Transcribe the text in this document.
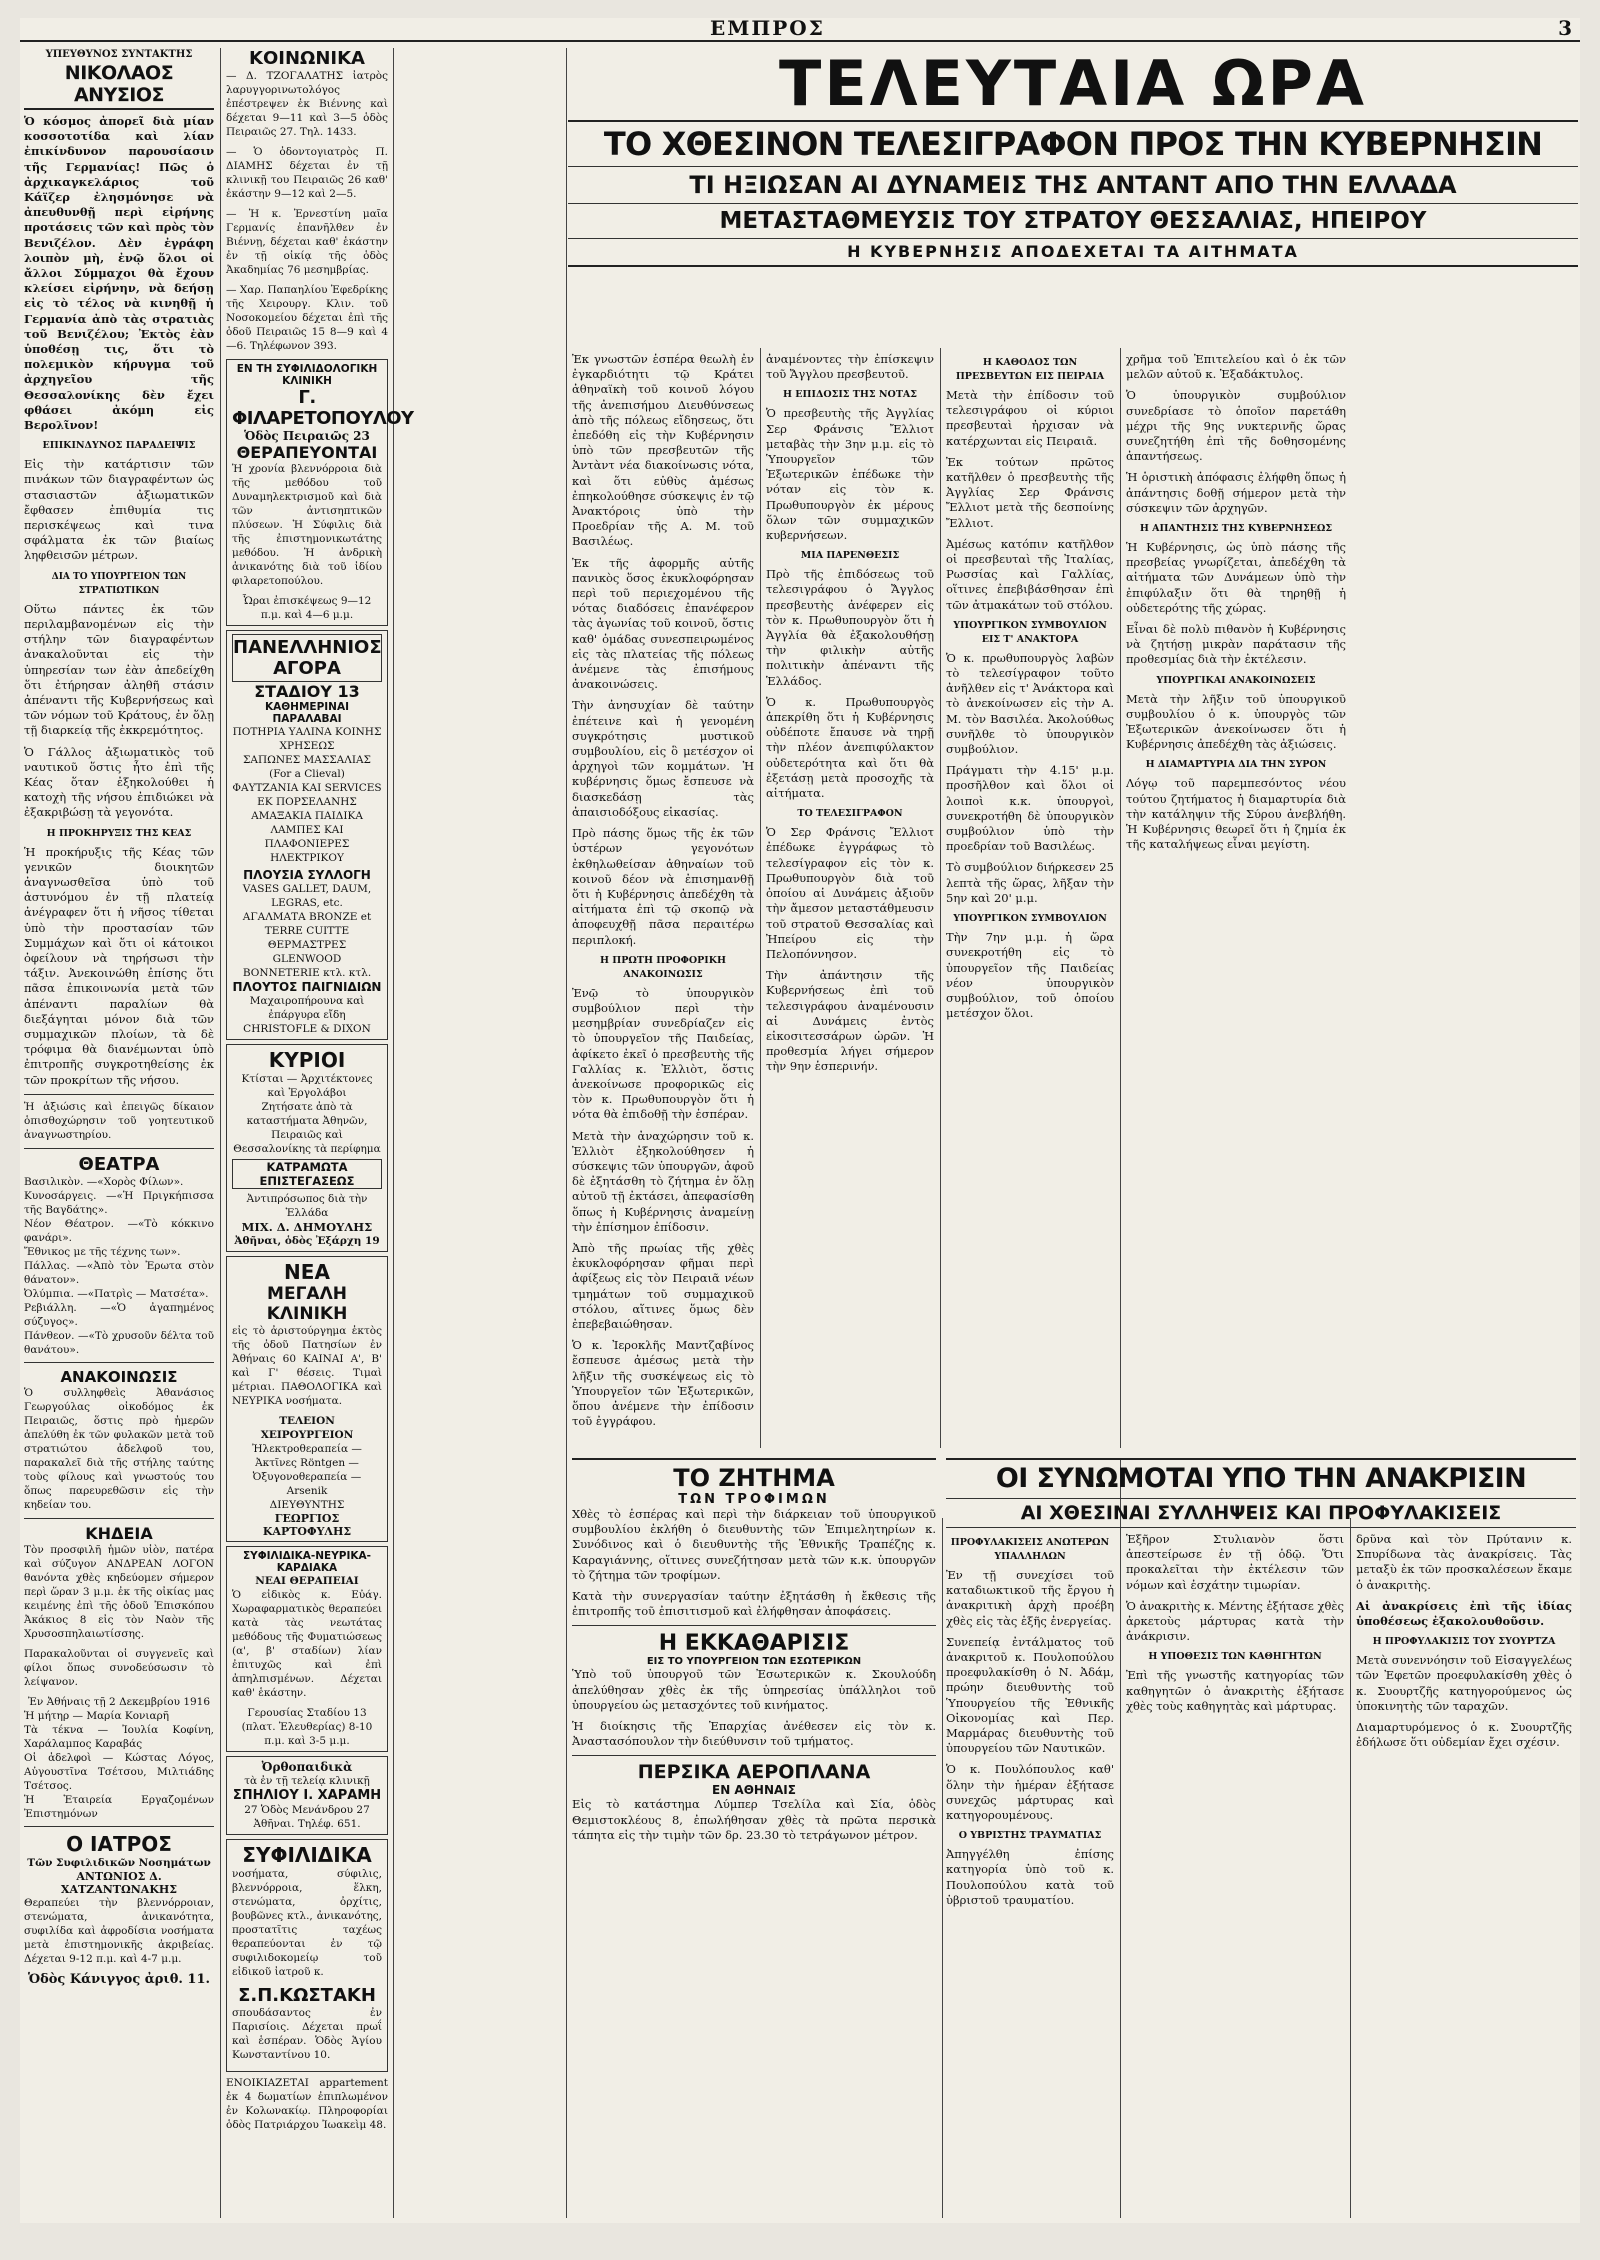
ΕΜΠΡΟΣ	3
ΥΠΕΥΘΥΝΟΣ ΣΥΝΤΑΚΤΗΣ
ΝΙΚΟΛΑΟΣ ΑΝΥΣΙΟΣ

Ὁ κόσμος ἀπορεῖ διὰ μίαν κοσσοτοτίδα καὶ λίαν ἐπικίνδυνον παρουσίασιν τῆς Γερμανίας! Πῶς ὁ ἀρχικαγκελάριος τοῦ Κάϊζερ ἐλησμόνησε νὰ ἀπευθυνθῇ περὶ εἰρήνης προτάσεις τῶν καὶ πρὸς τὸν Βενιζέλον. Δὲν ἐγράφη λοιπὸν μὴ, ἐνῷ ὅλοι οἱ ἄλλοι Σύμμαχοι θὰ ἔχουν κλείσει εἰρήνην, νὰ δεήσῃ εἰς τὸ τέλος νὰ κινηθῇ ἡ Γερμανία ἀπὸ τὰς στρατιὰς τοῦ Βενιζέλου; Ἐκτὸς ἐὰν ὑποθέσῃ τις, ὅτι τὸ πολεμικὸν κήρυγμα τοῦ ἀρχηγεῖου τῆς Θεσσαλονίκης δὲν ἔχει φθάσει ἀκόμη εἰς Βερολῖνον!

ΕΠΙΚΙΝΔΥΝΟΣ ΠΑΡΑΔΕΙΨΙΣ

Εἰς τὴν κατάρτισιν τῶν πινάκων τῶν διαγραφέντων ὡς στασιαστῶν ἀξιωματικῶν ἔφθασεν ἐπιθυμία τις περισκέψεως καὶ τινα σφάλματα ἐκ τῶν βιαίως ληφθεισῶν μέτρων.

ΔΙΑ ΤΟ ΥΠΟΥΡΓΕΙΟΝ ΤΩΝ ΣΤΡΑΤΙΩΤΙΚΩΝ

Οὕτω πάντες ἐκ τῶν περιλαμβανομένων εἰς τὴν στήλην τῶν διαγραφέντων ἀνακαλοῦνται εἰς τὴν ὑπηρεσίαν των ἐὰν ἀπεδείχθη ὅτι ἐτήρησαν ἀληθῆ στάσιν ἀπέναντι τῆς Κυβερνήσεως καὶ τῶν νόμων τοῦ Κράτους, ἐν ὅλῃ τῇ διαρκείᾳ τῆς ἐκκρεμότητος.

Ὁ Γάλλος ἀξιωματικὸς τοῦ ναυτικοῦ ὅστις ἦτο ἐπὶ τῆς Κέας ὅταν ἐξηκολούθει ἡ κατοχὴ τῆς νήσου ἐπιδιώκει νὰ ἐξακριβώσῃ τὰ γεγονότα.

Η ΠΡΟΚΗΡΥΞΙΣ ΤΗΣ ΚΕΑΣ

Ἡ προκήρυξις τῆς Κέας τῶν γενικῶν διοικητῶν ἀναγνωσθεῖσα ὑπὸ τοῦ ἀστυνόμου ἐν τῇ πλατείᾳ ἀνέγραφεν ὅτι ἡ νῆσος τίθεται ὑπὸ τὴν προστασίαν τῶν Συμμάχων καὶ ὅτι οἱ κάτοικοι ὀφείλουν νὰ τηρήσωσι τὴν τάξιν. Ἀνεκοινώθη ἐπίσης ὅτι πᾶσα ἐπικοινωνία μετὰ τῶν ἀπέναντι παραλίων θὰ διεξάγηται μόνον διὰ τῶν συμμαχικῶν πλοίων, τὰ δὲ τρόφιμα θὰ διανέμωνται ὑπὸ ἐπιτροπῆς συγκροτηθείσης ἐκ τῶν προκρίτων τῆς νήσου.

Ἡ ἀξιώσις καὶ ἐπειγῶς δίκαιον ὁπισθοχώρησιν τοῦ γοητευτικοῦ ἀναγνωστηρίου.

ΘΕΑΤΡΑ
Βασιλικὸν. —«Χορὸς Φίλων».
Κυνοσάργεις. —«Ἡ Πριγκήπισσα τῆς Βαγδάτης».
Νέον Θέατρον. —«Τὸ κόκκινο φανάρι».
Ἔθνικος με τῆς τέχνης των».
Πάλλας. —«Ἀπὸ τὸν Ἐρωτα στὸν θάνατον».
Ὀλύμπια. —«Πατρὶς — Ματσέτα».
Ρεβιάλλη. —«Ὁ ἀγαπημένος σύζυγος».
Πάνθεον. —«Τὸ χρυσοῦν δέλτα τοῦ θανάτου».
ΑΝΑΚΟΙΝΩΣΙΣ

Ὁ συλληφθεὶς Ἀθανάσιος Γεωργούλας οἰκοδόμος ἐκ Πειραιῶς, ὅστις πρὸ ἡμερῶν ἀπελύθη ἐκ τῶν φυλακῶν μετὰ τοῦ στρατιώτου ἀδελφοῦ του, παρακαλεῖ διὰ τῆς στήλης ταύτης τοὺς φίλους καὶ γνωστούς του ὅπως παρευρεθῶσιν εἰς τὴν κηδείαν του.

ΚΗΔΕΙΑ

Τὸν προσφιλῆ ἡμῶν υἱὸν, πατέρα καὶ σύζυγον ΑΝΔΡΕΑΝ ΛΟΓΟΝ θανόντα χθὲς κηδεύομεν σήμερον περὶ ὥραν 3 μ.μ. ἐκ τῆς οἰκίας μας κειμένης ἐπὶ τῆς ὁδοῦ Ἐπισκόπου Ἀκάκιος 8 εἰς τὸν Ναὸν τῆς Χρυσοσπηλαιωτίσσης.

Παρακαλοῦνται οἱ συγγενεῖς καὶ φίλοι ὅπως συνοδεύσωσιν τὸ λείψανον.

Ἐν Ἀθήναις τῇ 2 Δεκεμβρίου 1916
Ἡ μήτηρ — Μαρία Κονιαρῆ
Τὰ τέκνα — Ἰουλία Κοφίνη, Χαράλαμπος Καραβάς
Οἱ ἀδελφοὶ — Κώστας Λόγος, Αὐγουστῖνα Τσέτσου, Μιλτιάδης Τσέτσος.
Ἡ Ἑταιρεία Εργαζομένων Ἐπιστημόνων
Ο ΙΑΤΡΟΣ
Τῶν Συφιλιδικῶν Νοσημάτων
ΑΝΤΩΝΙΟΣ Δ. ΧΑΤΖΑΝΤΩΝΑΚΗΣ

Θεραπεύει τὴν βλεννόρροιαν, στενώματα, ἀνικανότητα, συφιλίδα καὶ ἀφροδίσια νοσήματα μετὰ ἐπιστημονικῆς ἀκριβείας. Δέχεται 9-12 π.μ. καὶ 4-7 μ.μ.

Ὁδὸς Κάνιγγος ἀριθ. 11.
ΚΟΙΝΩΝΙΚΑ

— Δ. ΤΖΟΓΑΛΑΤΗΣ ἰατρὸς λαρυγγορινωτολόγος ἐπέστρεψεν ἐκ Βιέννης καὶ δέχεται 9—11 καὶ 3—5 ὁδὸς Πειραιῶς 27. Τηλ. 1433.

— Ὁ ὀδοντογιατρὸς Π. ΔΙΑΜΗΣ δέχεται ἐν τῇ κλινικῇ του Πειραιῶς 26 καθ' ἑκάστην 9—12 καὶ 2—5.

— Ἡ κ. Ἐρνεστίνη μαῖα Γερμανίς ἐπανῆλθεν ἐν Βιέννῃ, δέχεται καθ' ἑκάστην ἐν τῇ οἰκίᾳ τῆς ὁδὸς Ἀκαδημίας 76 μεσημβρίας.

— Χαρ. Παπαηλίου Ἐφεδρίκης τῆς Χειρουργ. Κλιν. τοῦ Νοσοκομείου δέχεται ἐπὶ τῆς ὁδοῦ Πειραιῶς 15 8—9 καὶ 4—6. Τηλέφωνον 393.

ΕΝ ΤΗ ΣΥΦΙΛΙΔΟΛΟΓΙΚΗ ΚΛΙΝΙΚΗ
Γ. ΦΙΛΑΡΕΤΟΠΟΥΛΟΥ
Ὁδὸς Πειραιῶς 23
ΘΕΡΑΠΕΥΟΝΤΑΙ

Ἡ χρονία βλεννόρροια διὰ τῆς μεθόδου τοῦ Δυναμηλεκτρισμοῦ καὶ διὰ τῶν ἀντισηπτικῶν πλύσεων. Ἡ Σύφιλις διὰ τῆς ἐπιστημονικωτάτης μεθόδου. Ἡ ἀνδρικὴ ἀνικανότης διὰ τοῦ ἰδίου φιλαρετοπούλου.

Ὧραι ἐπισκέψεως 9—12 π.μ. καὶ 4—6 μ.μ.
ΠΑΝΕΛΛΗΝΙΟΣ ΑΓΟΡΑ
ΣΤΑΔΙΟΥ 13
ΚΑΘΗΜΕΡΙΝΑΙ ΠΑΡΑΛΑΒΑΙ
ΠΟΤΗΡΙΑ ΥΑΛΙΝΑ ΚΟΙΝΗΣ ΧΡΗΣΕΩΣ
ΣΑΠΩΝΕΣ ΜΑΣΣΑΛΙΑΣ (For a Clieval)
ΦΑΥΤΖΑΝΙΑ ΚΑΙ SERVICES ΕΚ ΠΟΡΣΕΛΑΝΗΣ
ΑΜΑΞΑΚΙΑ ΠΑΙΔΙΚΑ
ΛΑΜΠΕΣ ΚΑΙ ΠΛΑΦΟΝΙΕΡΕΣ ΗΛΕΚΤΡΙΚΟΥ
ΠΛΟΥΣΙΑ ΣΥΛΛΟΓΗ
VASES GALLET, DAUM, LEGRAS, etc.
ΑΓΑΛΜΑΤΑ BRONZE et TERRE CUITTE
ΘΕΡΜΑΣΤΡΕΣ GLENWOOD
BONNETERIE κτλ. κτλ.
ΠΛΟΥΤΟΣ ΠΑΙΓΝΙΔΙΩΝ
Μαχαιροπήρουνα καὶ ἐπάργυρα εἴδη CHRISTOFLE & DIXON
ΚΥΡΙΟΙ
Κτίσται — Ἀρχιτέκτονες καὶ Ἐργολάβοι
Ζητήσατε ἀπὸ τὰ καταστήματα Ἀθηνῶν, Πειραιῶς καὶ Θεσσαλονίκης τὰ περίφημα
ΚΑΤΡΑΜΩΤΑ ΕΠΙΣΤΕΓΑΣΕΩΣ
Ἀντιπρόσωπος διὰ τὴν Ἑλλάδα
ΜΙΧ. Δ. ΔΗΜΟΥΛΗΣ
Ἀθῆναι, ὁδὸς Ἐξάρχη 19
ΝΕΑ
ΜΕΓΑΛΗ ΚΛΙΝΙΚΗ

εἰς τὸ ἀριστούργημα ἑκτὸς τῆς ὁδοῦ Πατησίων ἐν Ἀθήναις 60 ΚΑΙΝΑΙ Α', Β' καὶ Γ' θέσεις. Τιμαὶ μέτριαι. ΠΑΘΟΛΟΓΙΚΑ καὶ ΝΕΥΡΙΚΑ νοσήματα.

ΤΕΛΕΙΟΝ ΧΕΙΡΟΥΡΓΕΙΟΝ
Ἠλεκτροθεραπεία — Ἀκτῖνες Röntgen — Ὀξυγονοθεραπεία — Arsenik
ΔΙΕΥΘΥΝΤΗΣ
ΓΕΩΡΓΙΟΣ ΚΑΡΤΟΦΥΛΗΣ
ΣΥΦΙΛΙΔΙΚΑ-ΝΕΥΡΙΚΑ-ΚΑΡΔΙΑΚΑ
ΝΕΑΙ ΘΕΡΑΠΕΙΑΙ

Ὁ εἰδικὸς κ. Εὐάγ. Χωραφαρματικὸς θεραπεύει κατὰ τὰς νεωτάτας μεθόδους τῆς Φυματιώσεως (α', β' σταδίων) λίαν ἐπιτυχῶς καὶ ἐπὶ ἀπηλπισμένων. Δέχεται καθ' ἑκάστην.

Γερουσίας Σταδίου 13 (πλατ. Ἐλευθερίας) 8-10 π.μ. καὶ 3-5 μ.μ.
Ὀρθοπαιδικὰ
τὰ ἐν τῇ τελείᾳ κλινικῇ
ΣΠΗΛΙΟΥ Ι. ΧΑΡΑΜΗ
27 Ὁδὸς Μενάνδρου 27 Ἀθῆναι. Τηλέφ. 651.
ΣΥΦΙΛΙΔΙΚΑ

νοσήματα, σύφιλις, βλεννόρροια, ἕλκη, στενώματα, ὀρχίτις, βουβῶνες κτλ., ἀνικανότης, προστατῖτις ταχέως θεραπεύονται ἐν τῷ συφιλιδοκομείῳ τοῦ εἰδικοῦ ἰατροῦ κ.

Σ.Π.ΚΩΣΤΑΚΗ

σπουδάσαντος ἐν Παρισίοις. Δέχεται πρωΐ καὶ ἑσπέραν. Ὁδὸς Ἁγίου Κωνσταντίνου 10.

ΕΝΟΙΚΙΑΖΕΤΑΙ appartement ἐκ 4 δωματίων ἐπιπλωμένον ἐν Κολωνακίῳ. Πληροφορίαι ὁδὸς Πατριάρχου Ἰωακεὶμ 48.

ΤΕΛΕΥΤΑΙΑ ΩΡΑ
ΤΟ ΧΘΕΣΙΝΟΝ ΤΕΛΕΣΙΓΡΑΦΟΝ ΠΡΟΣ ΤΗΝ ΚΥΒΕΡΝΗΣΙΝ
ΤΙ ΗΞΙΩΣΑΝ ΑΙ ΔΥΝΑΜΕΙΣ ΤΗΣ ΑΝΤΑΝΤ ΑΠΟ ΤΗΝ ΕΛΛΑΔΑ
ΜΕΤΑΣΤΑΘΜΕΥΣΙΣ ΤΟΥ ΣΤΡΑΤΟΥ ΘΕΣΣΑΛΙΑΣ, ΗΠΕΙΡΟΥ
Η ΚΥΒΕΡΝΗΣΙΣ ΑΠΟΔΕΧΕΤΑΙ ΤΑ ΑΙΤΗΜΑΤΑ

Ἐκ γνωστῶν ἑσπέρα θεωλὴ ἐν ἐγκαρδιότητι τῷ Κράτει ἀθηναϊκὴ τοῦ κοινοῦ λόγου τῆς ἀνεπισήμου Διευθύνσεως ἀπὸ τῆς πόλεως εἴδησεως, ὅτι ἐπεδόθη εἰς τὴν Κυβέρνησιν ὑπὸ τῶν πρεσβευτῶν τῆς Ἀντὰντ νέα διακοίνωσις νότα, καὶ ὅτι εὐθὺς ἀμέσως ἐπηκολούθησε σύσκεψις ἐν τῷ Ἀνακτόροις ὑπὸ τὴν Προεδρίαν τῆς Α. Μ. τοῦ Βασιλέως.

Ἐκ τῆς ἀφορμῆς αὐτῆς πανικὸς ὅσος ἐκυκλοφόρησαν περὶ τοῦ περιεχομένου τῆς νότας διαδόσεις ἐπανέφερον τὰς ἀγωνίας τοῦ κοινοῦ, ὅστις καθ' ὁμάδας συνεσπειρωμένος εἰς τὰς πλατείας τῆς πόλεως ἀνέμενε τὰς ἐπισήμους ἀνακοινώσεις.

Τὴν ἀνησυχίαν δὲ ταύτην ἐπέτεινε καὶ ἡ γενομένη συγκρότησις μυστικοῦ συμβουλίου, εἰς ὃ μετέσχον οἱ ἀρχηγοὶ τῶν κομμάτων. Ἡ κυβέρνησις ὅμως ἔσπευσε νὰ διασκεδάσῃ τὰς ἀπαισιοδόξους εἰκασίας.

Πρὸ πάσης ὅμως τῆς ἐκ τῶν ὑστέρων γεγονότων ἐκθηλωθείσαν ἀθηναίων τοῦ κοινοῦ δέον νὰ ἐπισημανθῇ ὅτι ἡ Κυβέρνησις ἀπεδέχθη τὰ αἰτήματα ἐπὶ τῷ σκοπῷ νὰ ἀποφευχθῇ πᾶσα περαιτέρω περιπλοκή.

Η ΠΡΩΤΗ ΠΡΟΦΟΡΙΚΗ ΑΝΑΚΟΙΝΩΣΙΣ

Ἐνῷ τὸ ὑπουργικὸν συμβούλιον περὶ τὴν μεσημβρίαν συνεδρίαζεν εἰς τὸ ὑπουργεῖον τῆς Παιδείας, ἀφίκετο ἐκεῖ ὁ πρεσβευτὴς τῆς Γαλλίας κ. Ἐλλιὸτ, ὅστις ἀνεκοίνωσε προφορικῶς εἰς τὸν κ. Πρωθυπουργὸν ὅτι ἡ νότα θὰ ἐπιδοθῇ τὴν ἑσπέραν.

Μετὰ τὴν ἀναχώρησιν τοῦ κ. Ἐλλιὸτ ἐξηκολούθησεν ἡ σύσκεψις τῶν ὑπουργῶν, ἀφοῦ δὲ ἐξητάσθη τὸ ζήτημα ἐν ὅλῃ αὐτοῦ τῇ ἐκτάσει, ἀπεφασίσθη ὅπως ἡ Κυβέρνησις ἀναμείνῃ τὴν ἐπίσημον ἐπίδοσιν.

Ἀπὸ τῆς πρωίας τῆς χθὲς ἐκυκλοφόρησαν φῆμαι περὶ ἀφίξεως εἰς τὸν Πειραιᾶ νέων τμημάτων τοῦ συμμαχικοῦ στόλου, αἵτινες ὅμως δὲν ἐπεβεβαιώθησαν.

Ὁ κ. Ἰεροκλῆς Μαντζαβίνος ἔσπευσε ἀμέσως μετὰ τὴν λῆξιν τῆς συσκέψεως εἰς τὸ Ὑπουργεῖον τῶν Ἐξωτερικῶν, ὅπου ἀνέμενε τὴν ἐπίδοσιν τοῦ ἐγγράφου.

ἀναμένοντες τὴν ἐπίσκεψιν τοῦ Ἄγγλου πρεσβευτοῦ.

Η ΕΠΙΔΟΣΙΣ ΤΗΣ ΝΟΤΑΣ

Ὁ πρεσβευτὴς τῆς Ἀγγλίας Σερ Φράνσις Ἔλλιοτ μεταβὰς τὴν 3ην μ.μ. εἰς τὸ Ὑπουργεῖον τῶν Ἐξωτερικῶν ἐπέδωκε τὴν νόταν εἰς τὸν κ. Πρωθυπουργὸν ἐκ μέρους ὅλων τῶν συμμαχικῶν κυβερνήσεων.

ΜΙΑ ΠΑΡΕΝΘΕΣΙΣ

Πρὸ τῆς ἐπιδόσεως τοῦ τελεσιγράφου ὁ Ἄγγλος πρεσβευτὴς ἀνέφερεν εἰς τὸν κ. Πρωθυπουργὸν ὅτι ἡ Ἀγγλία θὰ ἐξακολουθήσῃ τὴν φιλικὴν αὐτῆς πολιτικὴν ἀπέναντι τῆς Ἑλλάδος.

Ὁ κ. Πρωθυπουργὸς ἀπεκρίθη ὅτι ἡ Κυβέρνησις οὐδέποτε ἔπαυσε νὰ τηρῇ τὴν πλέον ἀνεπιφύλακτον οὐδετερότητα καὶ ὅτι θὰ ἐξετάσῃ μετὰ προσοχῆς τὰ αἰτήματα.

ΤΟ ΤΕΛΕΣΙΓΡΑΦΟΝ

Ὁ Σερ Φράνσις Ἔλλιοτ ἐπέδωκε ἐγγράφως τὸ τελεσίγραφον εἰς τὸν κ. Πρωθυπουργὸν διὰ τοῦ ὁποίου αἱ Δυνάμεις ἀξιοῦν τὴν ἄμεσον μεταστάθμευσιν τοῦ στρατοῦ Θεσσαλίας καὶ Ἠπείρου εἰς τὴν Πελοπόννησον.

Τὴν ἀπάντησιν τῆς Κυβερνήσεως ἐπὶ τοῦ τελεσιγράφου ἀναμένουσιν αἱ Δυνάμεις ἐντὸς εἰκοσιτεσσάρων ὡρῶν. Ἡ προθεσμία λήγει σήμερον τὴν 9ην ἑσπερινήν.

Η ΚΑΘΟΔΟΣ ΤΩΝ ΠΡΕΣΒΕΥΤΩΝ ΕΙΣ ΠΕΙΡΑΙΑ

Μετὰ τὴν ἐπίδοσιν τοῦ τελεσιγράφου οἱ κύριοι πρεσβευταὶ ἠρχισαν νὰ κατέρχωνται εἰς Πειραιᾶ.

Ἐκ τούτων πρῶτος κατῆλθεν ὁ πρεσβευτὴς τῆς Ἀγγλίας Σερ Φράνσις Ἔλλιοτ μετὰ τῆς δεσποίνης Ἔλλιοτ.

Ἀμέσως κατόπιν κατῆλθον οἱ πρεσβευταὶ τῆς Ἰταλίας, Ρωσσίας καὶ Γαλλίας, οἵτινες ἐπεβιβάσθησαν ἐπὶ τῶν ἀτμακάτων τοῦ στόλου.

ΥΠΟΥΡΓΙΚΟΝ ΣΥΜΒΟΥΛΙΟΝ ΕΙΣ Τ' ΑΝΑΚΤΟΡΑ

Ὁ κ. πρωθυπουργὸς λαβὼν τὸ τελεσίγραφον τοῦτο ἀνῆλθεν εἰς τ' Ἀνάκτορα καὶ τὸ ἀνεκοίνωσεν εἰς τὴν Α. Μ. τὸν Βασιλέα. Ἀκολούθως συνῆλθε τὸ ὑπουργικὸν συμβούλιον.

Πράγματι τὴν 4.15' μ.μ. προσῆλθον καὶ ὅλοι οἱ λοιποὶ κ.κ. ὑπουργοὶ, συνεκροτήθη δὲ ὑπουργικὸν συμβούλιον ὑπὸ τὴν προεδρίαν τοῦ Βασιλέως.

Τὸ συμβούλιον διήρκεσεν 25 λεπτὰ τῆς ὥρας, λῆξαν τὴν 5ην καὶ 20' μ.μ.

ΥΠΟΥΡΓΙΚΟΝ ΣΥΜΒΟΥΛΙΟΝ

Τὴν 7ην μ.μ. ἡ ὥρα συνεκροτήθη εἰς τὸ ὑπουργεῖον τῆς Παιδείας νέον ὑπουργικὸν συμβούλιον, τοῦ ὁποίου μετέσχον ὅλοι.

χρῆμα τοῦ Ἐπιτελείου καὶ ὁ ἐκ τῶν μελῶν αὐτοῦ κ. Ἐξαδάκτυλος.

Ὁ ὑπουργικὸν συμβούλιον συνεδρίασε τὸ ὁποῖον παρετάθη μέχρι τῆς 9ης νυκτερινῆς ὥρας συνεζητήθη ἐπὶ τῆς δοθησομένης ἀπαντήσεως.

Ἡ ὁριστικὴ ἀπόφασις ἐλήφθη ὅπως ἡ ἀπάντησις δοθῇ σήμερον μετὰ τὴν σύσκεψιν τῶν ἀρχηγῶν.

Η ΑΠΑΝΤΗΣΙΣ ΤΗΣ ΚΥΒΕΡΝΗΣΕΩΣ

Ἡ Κυβέρνησις, ὡς ὑπὸ πάσης τῆς πρεσβείας γνωρίζεται, ἀπεδέχθη τὰ αἰτήματα τῶν Δυνάμεων ὑπὸ τὴν ἐπιφύλαξιν ὅτι θὰ τηρηθῇ ἡ οὐδετερότης τῆς χώρας.

Εἶναι δὲ πολὺ πιθανὸν ἡ Κυβέρνησις νὰ ζητήσῃ μικρὰν παράτασιν τῆς προθεσμίας διὰ τὴν ἐκτέλεσιν.

ΥΠΟΥΡΓΙΚΑΙ ΑΝΑΚΟΙΝΩΣΕΙΣ

Μετὰ τὴν λῆξιν τοῦ ὑπουργικοῦ συμβουλίου ὁ κ. ὑπουργὸς τῶν Ἐξωτερικῶν ἀνεκοίνωσεν ὅτι ἡ Κυβέρνησις ἀπεδέχθη τὰς ἀξιώσεις.

Η ΔΙΑΜΑΡΤΥΡΙΑ ΔΙΑ ΤΗΝ ΣΥΡΟΝ

Λόγῳ τοῦ παρεμπεσόντος νέου τούτου ζητήματος ἡ διαμαρτυρία διὰ τὴν κατάληψιν τῆς Σύρου ἀνεβλήθη. Ἡ Κυβέρνησις θεωρεῖ ὅτι ἡ ζημία ἐκ τῆς καταλήψεως εἶναι μεγίστη.

ΤΟ ΖΗΤΗΜΑ
ΤΩΝ ΤΡΟΦΙΜΩΝ

Χθὲς τὸ ἑσπέρας καὶ περὶ τὴν διάρκειαν τοῦ ὑπουργικοῦ συμβουλίου ἐκλήθη ὁ διευθυντὴς τῶν Ἐπιμελητηρίων κ. Συνόδινος καὶ ὁ διευθυντὴς τῆς Ἐθνικῆς Τραπέζης κ. Καραγιάννης, οἵτινες συνεζήτησαν μετὰ τῶν κ.κ. ὑπουργῶν τὸ ζήτημα τῶν τροφίμων.

Κατὰ τὴν συνεργασίαν ταύτην ἐξητάσθη ἡ ἔκθεσις τῆς ἐπιτροπῆς τοῦ ἐπισιτισμοῦ καὶ ἐλήφθησαν ἀποφάσεις.

Η ΕΚΚΑΘΑΡΙΣΙΣ
ΕΙΣ ΤΟ ΥΠΟΥΡΓΕΙΟΝ ΤΩΝ ΕΣΩΤΕΡΙΚΩΝ

Ὑπὸ τοῦ ὑπουργοῦ τῶν Ἐσωτερικῶν κ. Σκουλούδη ἀπελύθησαν χθὲς ἐκ τῆς ὑπηρεσίας ὑπάλληλοι τοῦ ὑπουργείου ὡς μετασχόντες τοῦ κινήματος.

Ἡ διοίκησις τῆς Ἐπαρχίας ἀνέθεσεν εἰς τὸν κ. Ἀναστασόπουλον τὴν διεύθυνσιν τοῦ τμήματος.

ΠΕΡΣΙΚΑ ΑΕΡΟΠΛΑΝΑ
ΕΝ ΑΘΗΝΑΙΣ

Εἰς τὸ κατάστημα Λύμπερ Τσελίλα καὶ Σία, ὁδὸς Θεμιστοκλέους 8, ἐπωλήθησαν χθὲς τὰ πρῶτα περσικὰ τάπητα εἰς τὴν τιμὴν τῶν δρ. 23.30 τὸ τετράγωνον μέτρον.

ΟΙ ΣΥΝΩΜΟΤΑΙ ΥΠΟ ΤΗΝ ΑΝΑΚΡΙΣΙΝ
ΑΙ ΧΘΕΣΙΝΑΙ ΣΥΛΛΗΨΕΙΣ ΚΑΙ ΠΡΟΦΥΛΑΚΙΣΕΙΣ
ΠΡΟΦΥΛΑΚΙΣΕΙΣ ΑΝΩΤΕΡΩΝ ΥΠΑΛΛΗΛΩΝ

Ἐν τῇ συνεχίσει τοῦ καταδιωκτικοῦ τῆς ἔργου ἡ ἀνακριτικὴ ἀρχὴ προέβη χθὲς εἰς τὰς ἑξῆς ἐνεργείας.

Συνεπείᾳ ἐντάλματος τοῦ ἀνακριτοῦ κ. Πουλοπούλου προεφυλακίσθη ὁ Ν. Ἀδάμ, πρώην διευθυντὴς τοῦ Ὑπουργείου τῆς Ἐθνικῆς Οἰκονομίας καὶ Περ. Μαρμάρας διευθυντὴς τοῦ ὑπουργείου τῶν Ναυτικῶν.

Ὁ κ. Πουλόπουλος καθ' ὅλην τὴν ἡμέραν ἐξήτασε συνεχῶς μάρτυρας καὶ κατηγορουμένους.

Ο ΥΒΡΙΣΤΗΣ ΤΡΑΥΜΑΤΙΑΣ

Ἀπηγγέλθη ἐπίσης κατηγορία ὑπὸ τοῦ κ. Πουλοπούλου κατὰ τοῦ ὑβριστοῦ τραυματίου.

Ἑξῆρον Στυλιανὸν ὅστι ἀπεστείρωσε ἐν τῇ ὁδῷ. Ὅτι προκαλεῖται τὴν ἐκτέλεσιν τῶν νόμων καὶ ἐσχάτην τιμωρίαν.

Ὁ ἀνακριτὴς κ. Μέντης ἐξήτασε χθὲς ἀρκετοὺς μάρτυρας κατὰ τὴν ἀνάκρισιν.

Η ΥΠΟΘΕΣΙΣ ΤΩΝ ΚΑΘΗΓΗΤΩΝ

Ἐπὶ τῆς γνωστῆς κατηγορίας τῶν καθηγητῶν ὁ ἀνακριτὴς ἐξήτασε χθὲς τοὺς καθηγητὰς καὶ μάρτυρας.

δρῦνα καὶ τὸν Πρύτανιν κ. Σπυρίδωνα τὰς ἀνακρίσεις. Τὰς μεταξὺ ἐκ τῶν προσκαλέσεων ἔκαμε ὁ ἀνακριτὴς.

Αἱ ἀνακρίσεις ἐπὶ τῆς ἰδίας ὑποθέσεως ἐξακολουθοῦσιν.

Η ΠΡΟΦΥΛΑΚΙΣΙΣ ΤΟΥ ΣΥΟΥΡΤΖΑ

Μετὰ συνεννόησιν τοῦ Εἰσαγγελέως τῶν Ἐφετῶν προεφυλακίσθη χθὲς ὁ κ. Συουρτζῆς κατηγορούμενος ὡς ὑποκινητὴς τῶν ταραχῶν.

Διαμαρτυρόμενος ὁ κ. Συουρτζῆς ἐδήλωσε ὅτι οὐδεμίαν ἔχει σχέσιν.
